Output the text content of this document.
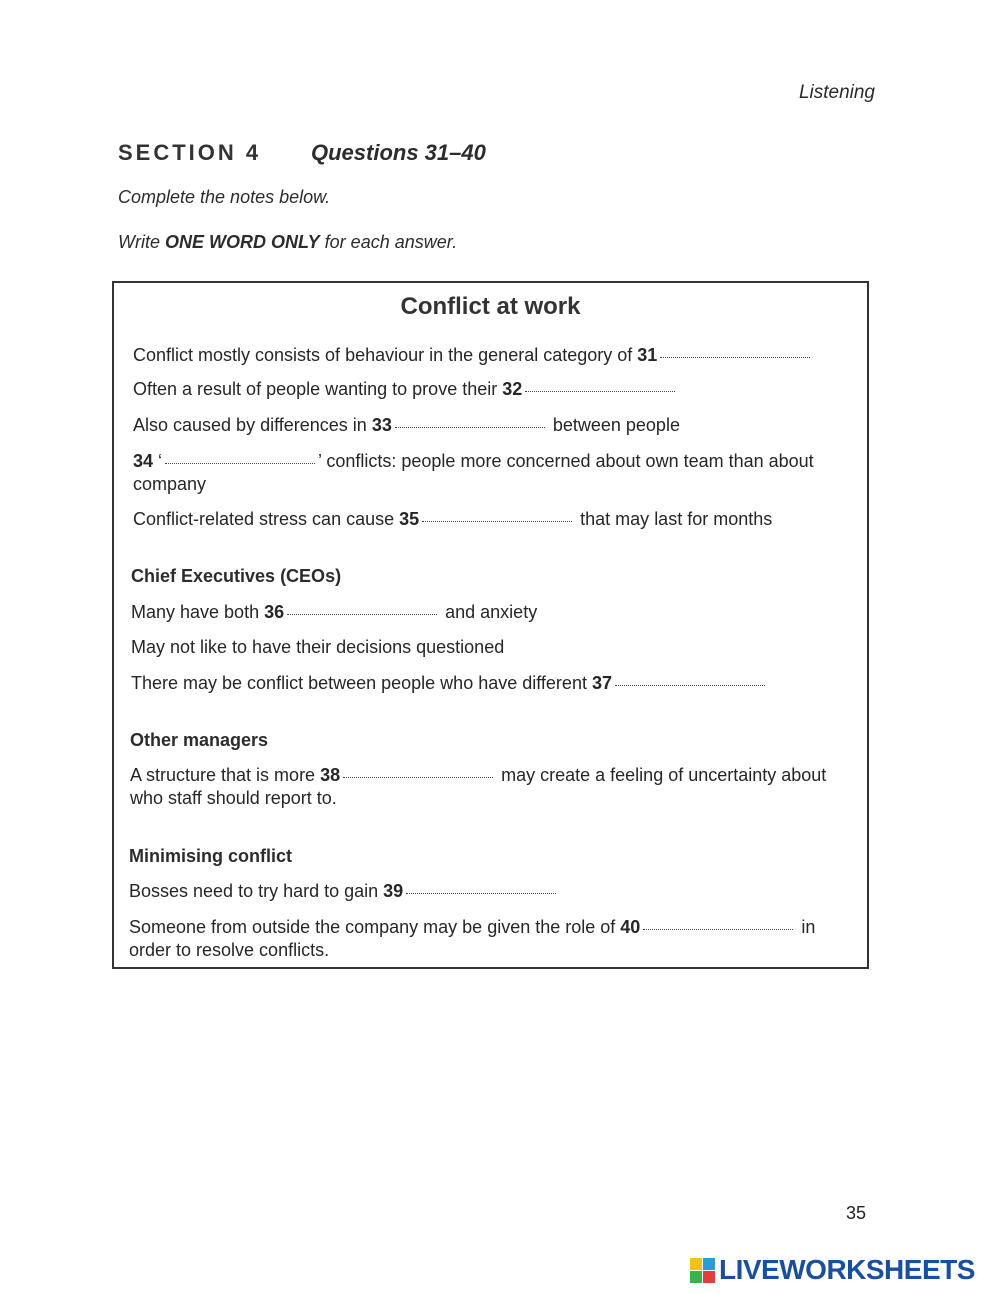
Listening
SECTION 4	Questions 31–40
Complete the notes below.
Write ONE WORD ONLY for each answer.
Conflict at work
Conflict mostly consists of behaviour in the general category of 31
Often a result of people wanting to prove their 32
Also caused by differences in 33	between people
34 ‘	’ conflicts: people more concerned about own team than about company
Conflict-related stress can cause 35	that may last for months
Chief Executives (CEOs)
Many have both 36	and anxiety
May not like to have their decisions questioned
There may be conflict between people who have different 37
Other managers
A structure that is more 38	may create a feeling of uncertainty about who staff should report to.
Minimising conflict
Bosses need to try hard to gain 39
Someone from outside the company may be given the role of 40	in order to resolve conflicts.
35
LIVEWORKSHEETS
